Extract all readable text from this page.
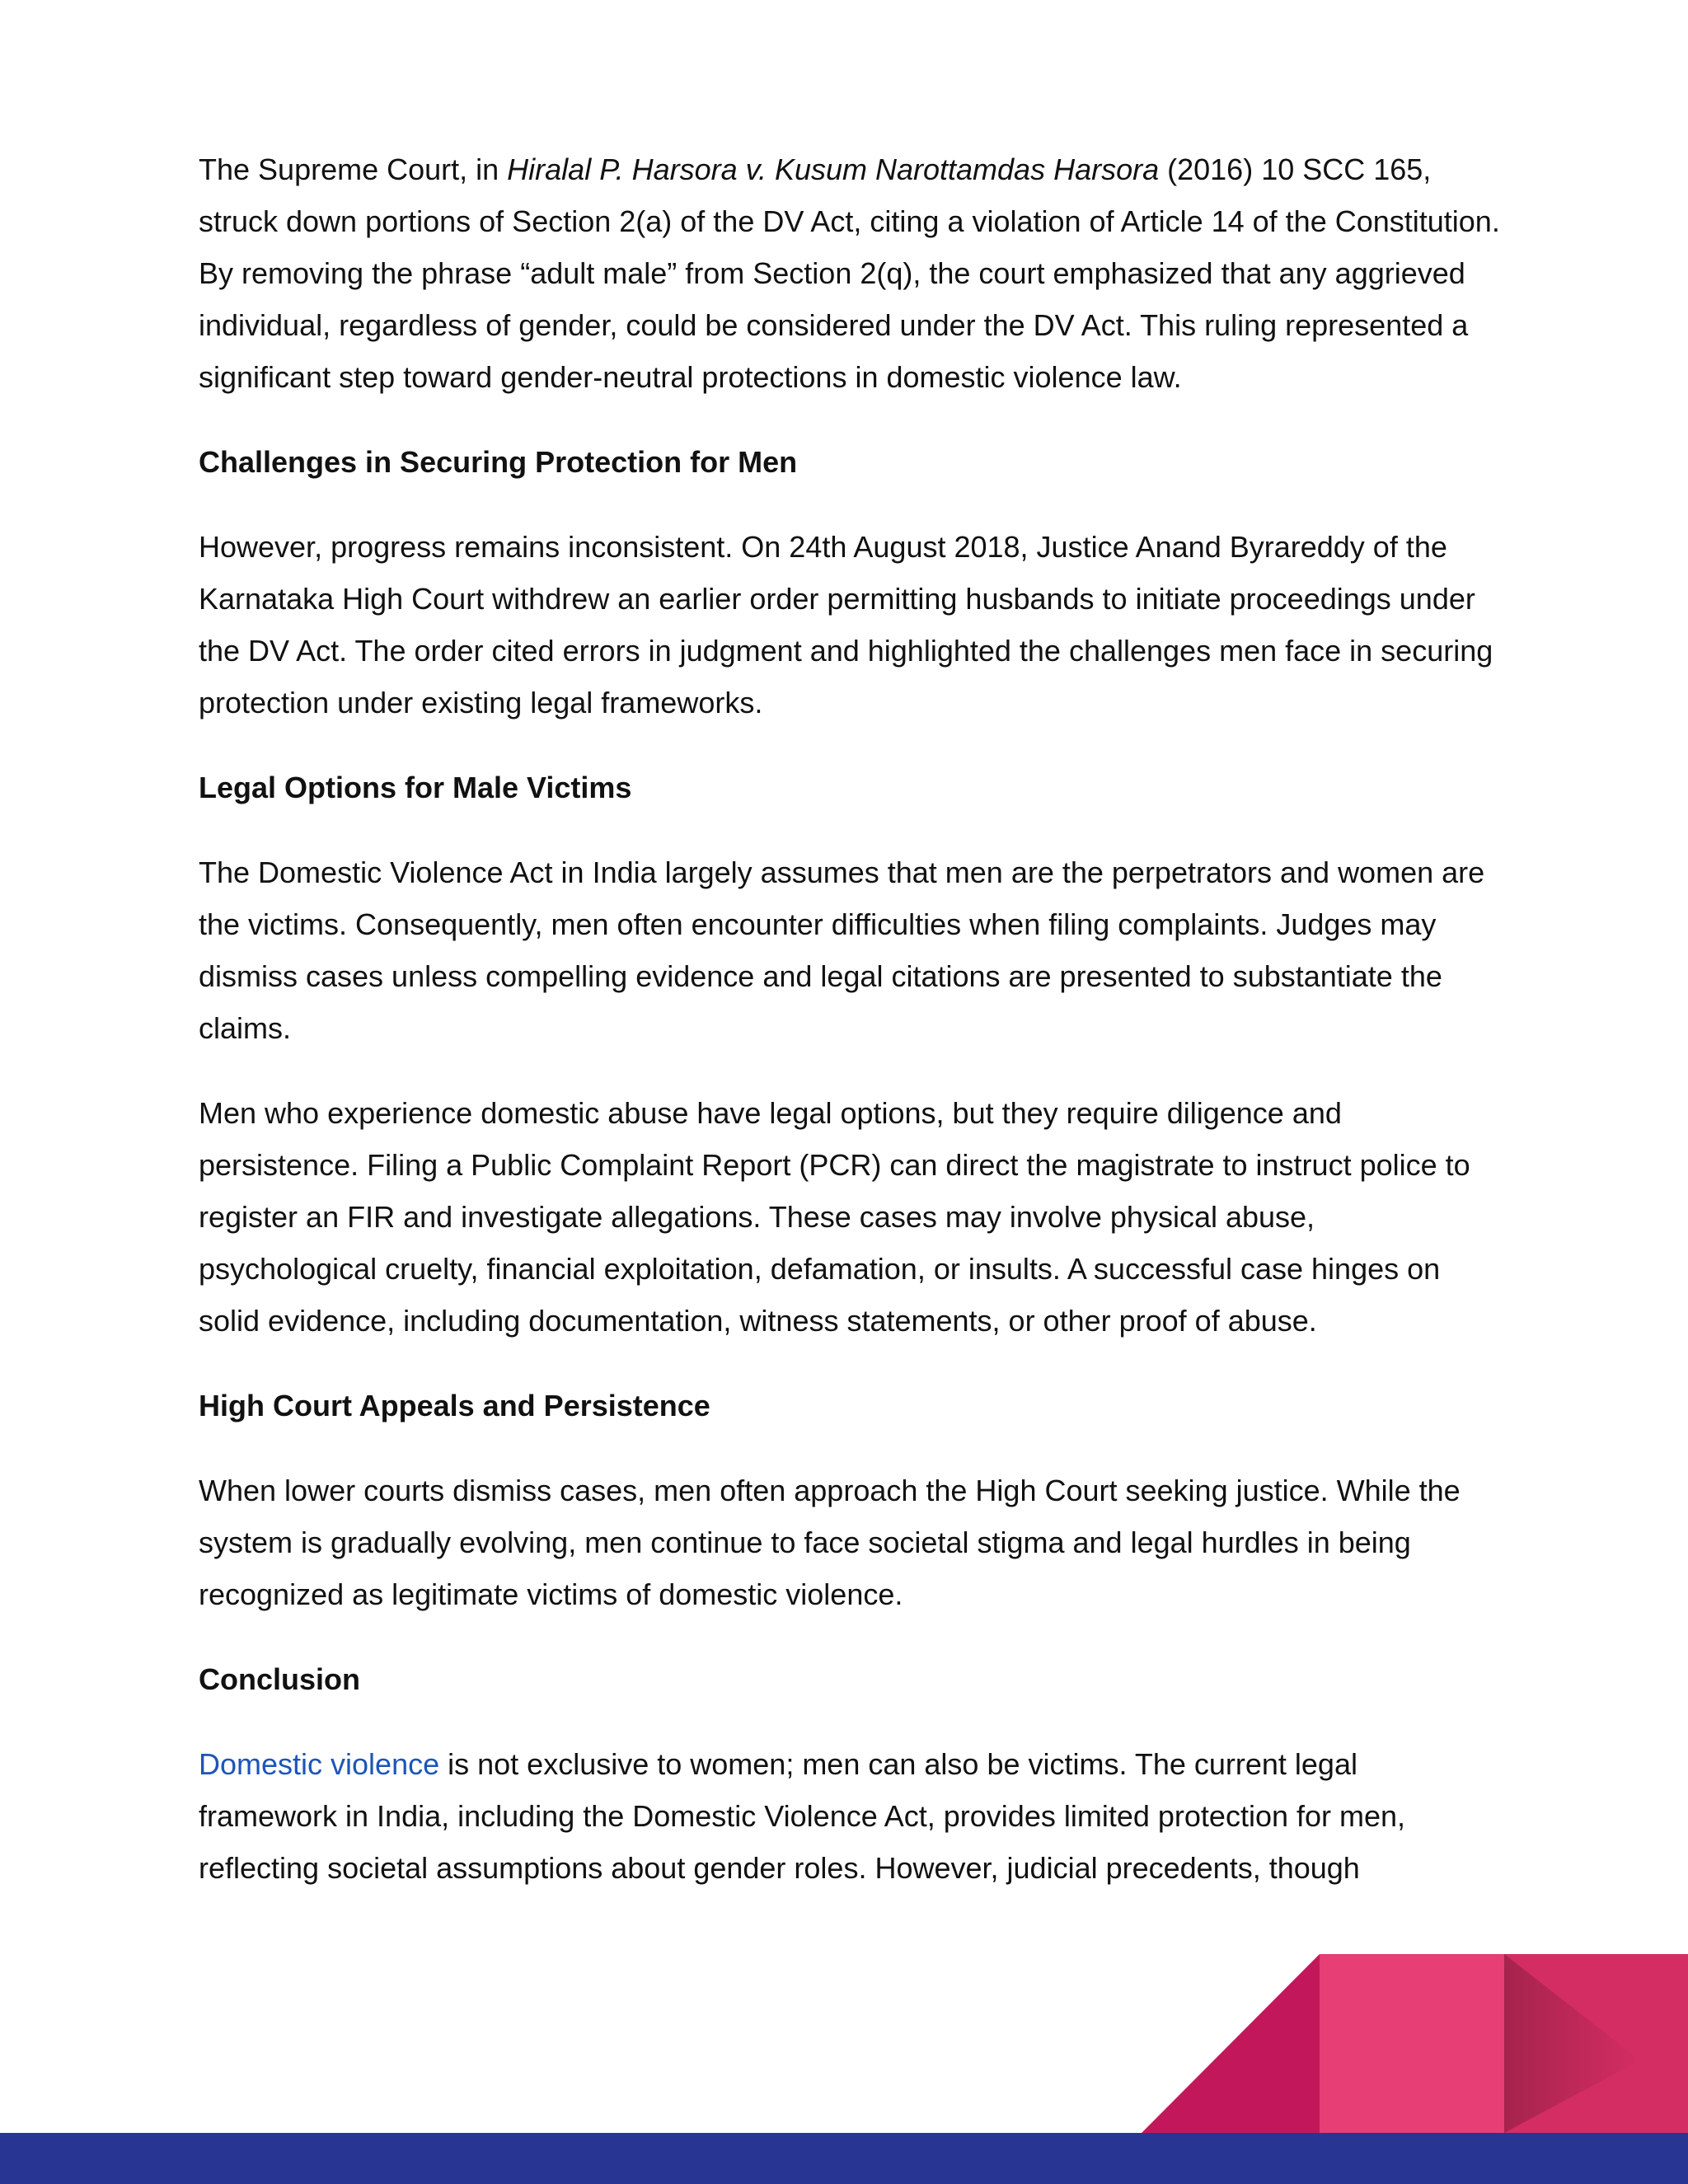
The Supreme Court, in Hiralal P. Harsora v. Kusum Narottamdas Harsora (2016) 10 SCC 165, struck down portions of Section 2(a) of the DV Act, citing a violation of Article 14 of the Constitution. By removing the phrase “adult male” from Section 2(q), the court emphasized that any aggrieved individual, regardless of gender, could be considered under the DV Act. This ruling represented a significant step toward gender-neutral protections in domestic violence law.

Challenges in Securing Protection for Men

However, progress remains inconsistent. On 24th August 2018, Justice Anand Byrareddy of the Karnataka High Court withdrew an earlier order permitting husbands to initiate proceedings under the DV Act. The order cited errors in judgment and highlighted the challenges men face in securing protection under existing legal frameworks.

Legal Options for Male Victims

The Domestic Violence Act in India largely assumes that men are the perpetrators and women are the victims. Consequently, men often encounter difficulties when filing complaints. Judges may dismiss cases unless compelling evidence and legal citations are presented to substantiate the claims.

Men who experience domestic abuse have legal options, but they require diligence and persistence. Filing a Public Complaint Report (PCR) can direct the magistrate to instruct police to register an FIR and investigate allegations. These cases may involve physical abuse, psychological cruelty, financial exploitation, defamation, or insults. A successful case hinges on solid evidence, including documentation, witness statements, or other proof of abuse.

High Court Appeals and Persistence

When lower courts dismiss cases, men often approach the High Court seeking justice. While the system is gradually evolving, men continue to face societal stigma and legal hurdles in being recognized as legitimate victims of domestic violence.

Conclusion

Domestic violence is not exclusive to women; men can also be victims. The current legal framework in India, including the Domestic Violence Act, provides limited protection for men, reflecting societal assumptions about gender roles. However, judicial precedents, though
